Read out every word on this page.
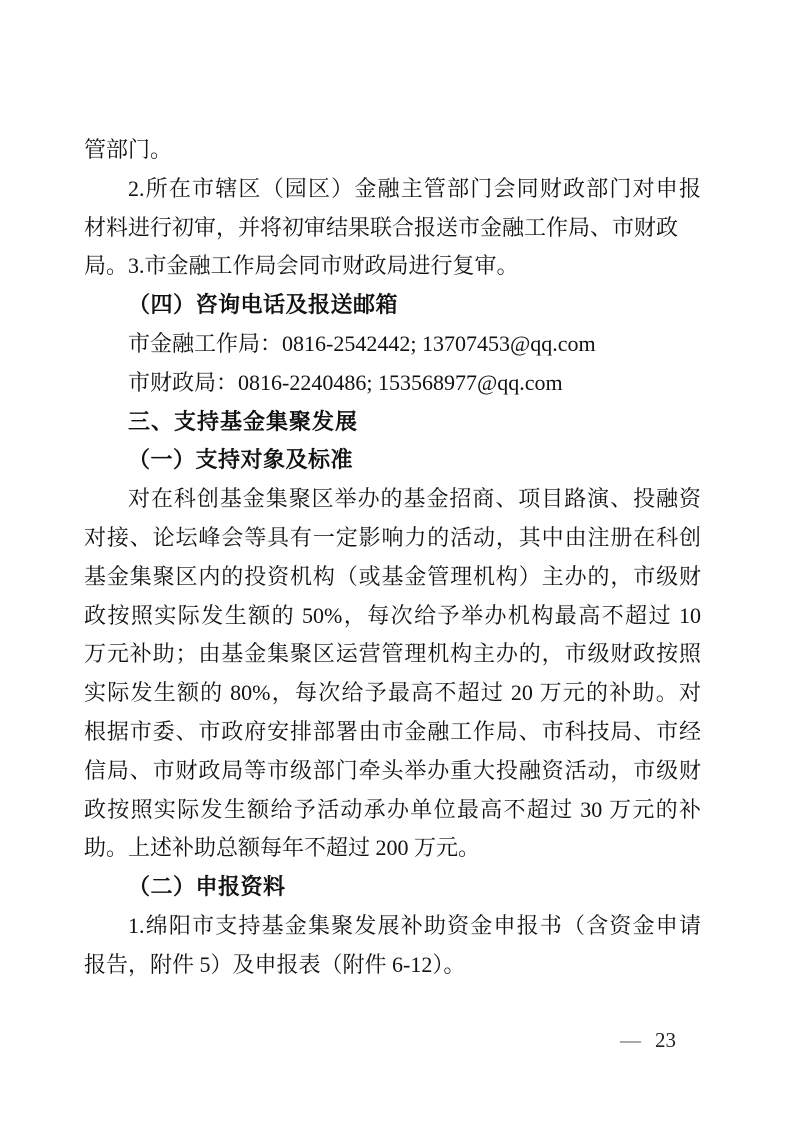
管部门。
2.所在市辖区（园区）金融主管部门会同财政部门对申报
材料进行初审，并将初审结果联合报送市金融工作局、市财政局。 3.市金融工作局会同市财政局进行复审。
（四）咨询电话及报送邮箱
市金融工作局：0816-2542442; 13707453@qq.com
市财政局：0816-2240486; 153568977@qq.com
三、支持基金集聚发展
（一）支持对象及标准
对在科创基金集聚区举办的基金招商、项目路演、投融资
对接、论坛峰会等具有一定影响力的活动，其中由注册在科创
基金集聚区内的投资机构（或基金管理机构）主办的，市级财
政按照实际发生额的 50%，每次给予举办机构最高不超过 10
万元补助；由基金集聚区运营管理机构主办的，市级财政按照
实际发生额的 80%，每次给予最高不超过 20 万元的补助。对
根据市委、市政府安排部署由市金融工作局、市科技局、市经
信局、市财政局等市级部门牵头举办重大投融资活动，市级财
政按照实际发生额给予活动承办单位最高不超过 30 万元的补
助。上述补助总额每年不超过 200 万元。
（二）申报资料
1.绵阳市支持基金集聚发展补助资金申报书（含资金申请
报告，附件 5）及申报表（附件 6-12）。
— 23
